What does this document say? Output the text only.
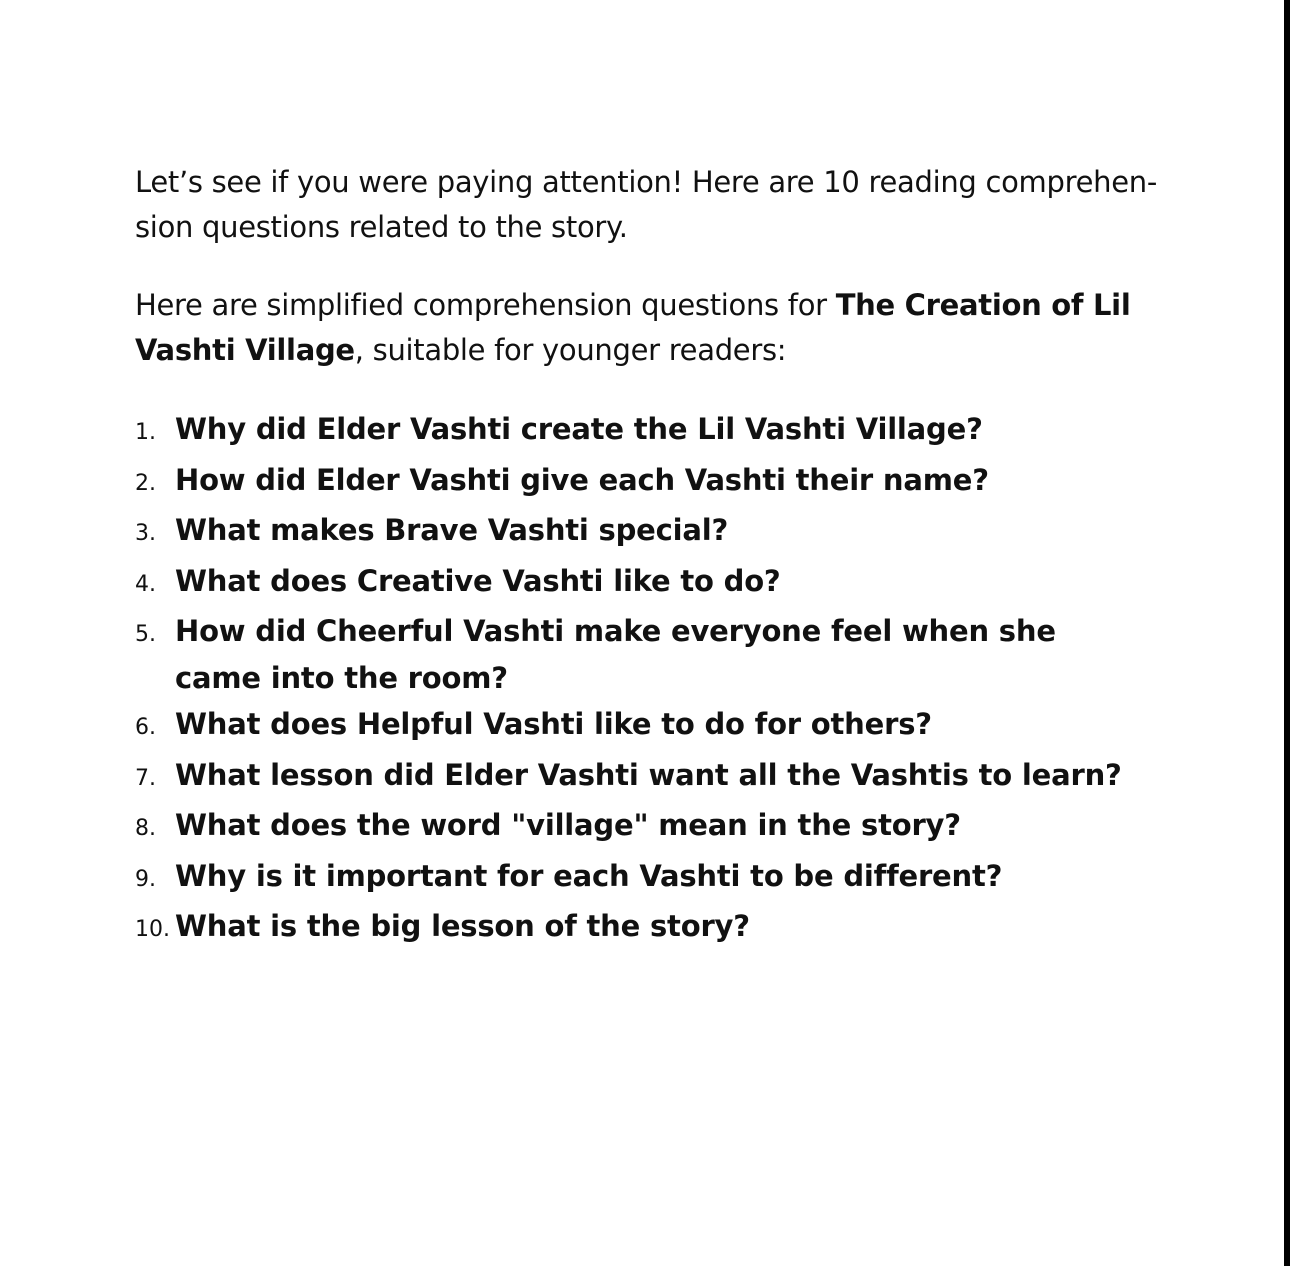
Let’s see if you were paying attention! Here are 10 reading comprehen-
sion questions related to the story.

Here are simplified comprehension questions for The Creation of Lil Vashti Village, suitable for younger readers:

1. Why did Elder Vashti create the Lil Vashti Village?
2. How did Elder Vashti give each Vashti their name?
3. What makes Brave Vashti special?
4. What does Creative Vashti like to do?
5. How did Cheerful Vashti make everyone feel when she came into the room?
6. What does Helpful Vashti like to do for others?
7. What lesson did Elder Vashti want all the Vashtis to learn?
8. What does the word "village" mean in the story?
9. Why is it important for each Vashti to be different?
10. What is the big lesson of the story?
